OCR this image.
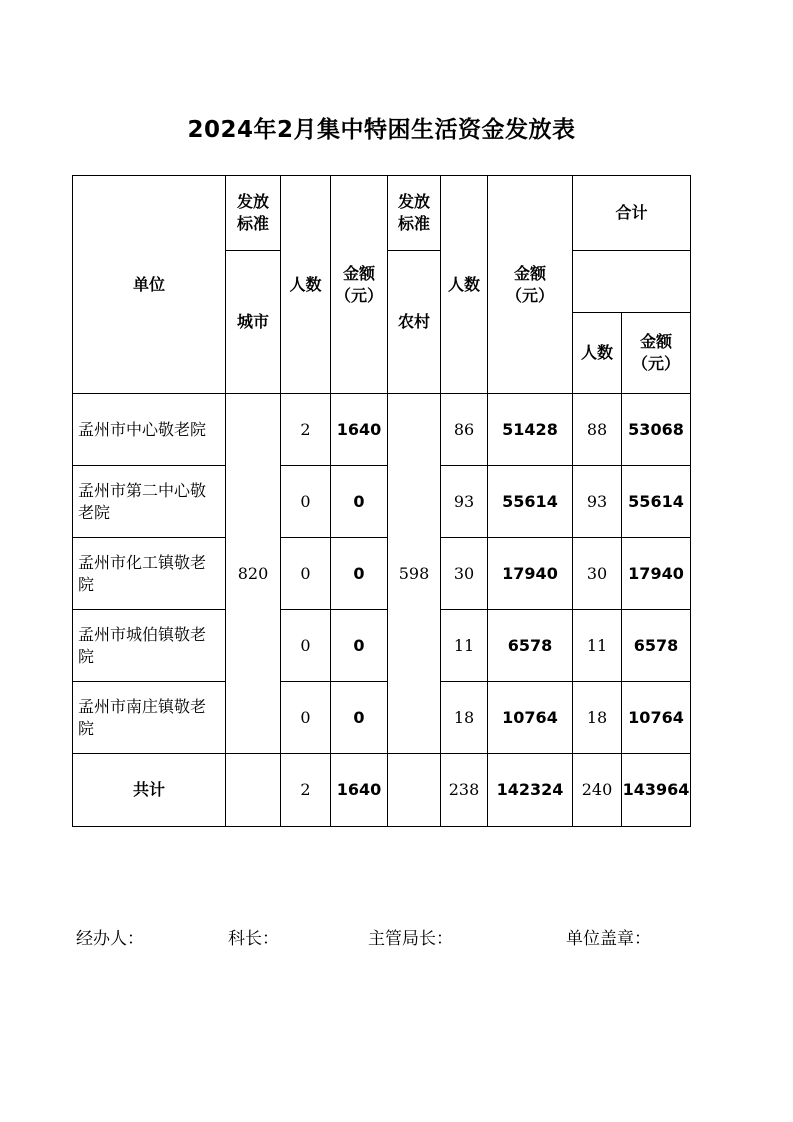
2024年2月集中特困生活资金发放表
单位	发放标准	人数	金额（元）	发放标准	人数	金额（元）	合计	
	城市			农村				
							人数	金额（元）
孟州市中心敬老院	820	2	1640	598	86	51428	88	53068
孟州市第二中心敬老院		0	0		93	55614	93	55614
孟州市化工镇敬老院		0	0		30	17940	30	17940
孟州市城伯镇敬老院		0	0		11	6578	11	6578
孟州市南庄镇敬老院		0	0		18	10764	18	10764
共计		2	1640		238	142324	240	143964
经办人：	科长：	主管局长：	单位盖章：
